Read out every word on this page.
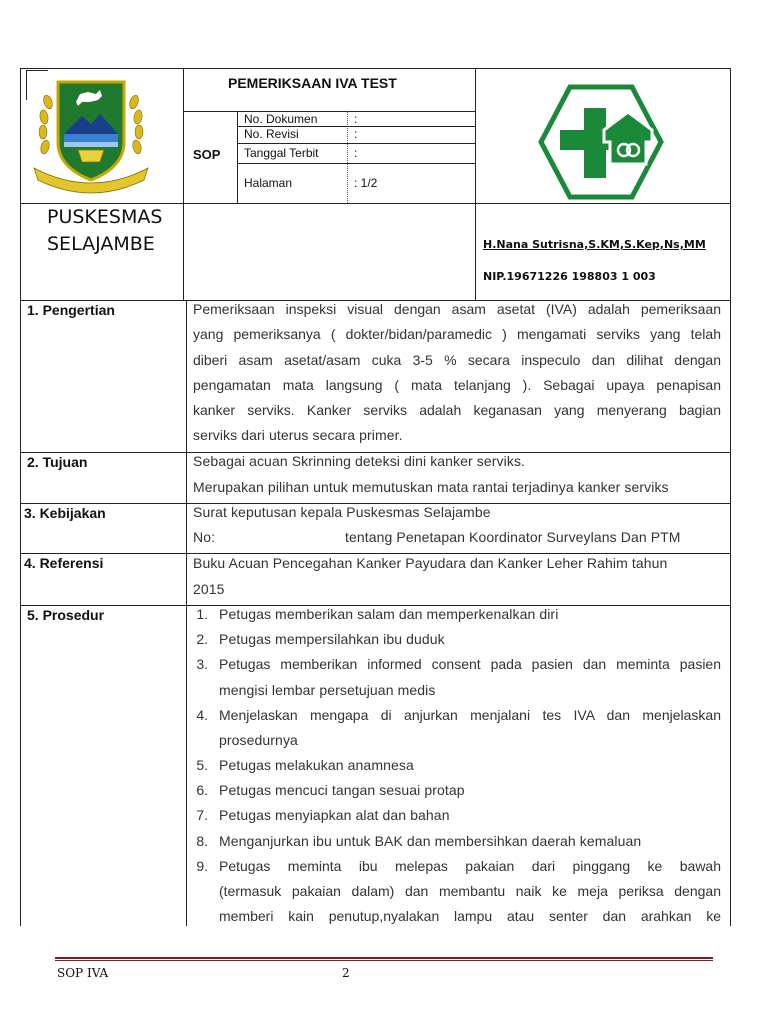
PEMERIKSAAN IVA TEST
SOP
No. Dokumen	:
No. Revisi	:
Tanggal Terbit	:
Halaman	: 1/2
PUSKESMAS
SELAJAMBE	H.Nana Sutrisna,S.KM,S.Kep,Ns,MM
NIP.19671226 198803 1 003
1. Pengertian	Pemeriksaan inspeksi visual dengan asam asetat (IVA) adalah pemeriksaan
yang pemeriksanya ( dokter/bidan/paramedic ) mengamati serviks yang telah
diberi asam asetat/asam cuka 3-5 % secara inspeculo dan dilihat dengan
pengamatan mata langsung ( mata telanjang ). Sebagai upaya penapisan
kanker serviks. Kanker serviks adalah keganasan yang menyerang bagian
serviks dari uterus secara primer.
2. Tujuan	Sebagai acuan Skrinning deteksi dini kanker serviks.
Merupakan pilihan untuk memutuskan mata rantai terjadinya kanker serviks
3. Kebijakan	Surat keputusan kepala Puskesmas Selajambe
No:	tentang Penetapan Koordinator Surveylans Dan PTM
4. Referensi	Buku Acuan Pencegahan Kanker Payudara dan Kanker Leher Rahim tahun
2015
5. Prosedur	1. Petugas memberikan salam dan memperkenalkan diri
2. Petugas mempersilahkan ibu duduk
3. Petugas memberikan informed consent pada pasien dan meminta pasien
mengisi lembar persetujuan medis
4. Menjelaskan mengapa di anjurkan menjalani tes IVA dan menjelaskan
prosedurnya
5. Petugas melakukan anamnesa
6. Petugas mencuci tangan sesuai protap
7. Petugas menyiapkan alat dan bahan
8. Menganjurkan ibu untuk BAK dan membersihkan daerah kemaluan
9. Petugas meminta ibu melepas pakaian dari pinggang ke bawah
(termasuk pakaian dalam) dan membantu naik ke meja periksa dengan
memberi kain penutup,nyalakan lampu atau senter dan arahkan ke
SOP IVA	2
